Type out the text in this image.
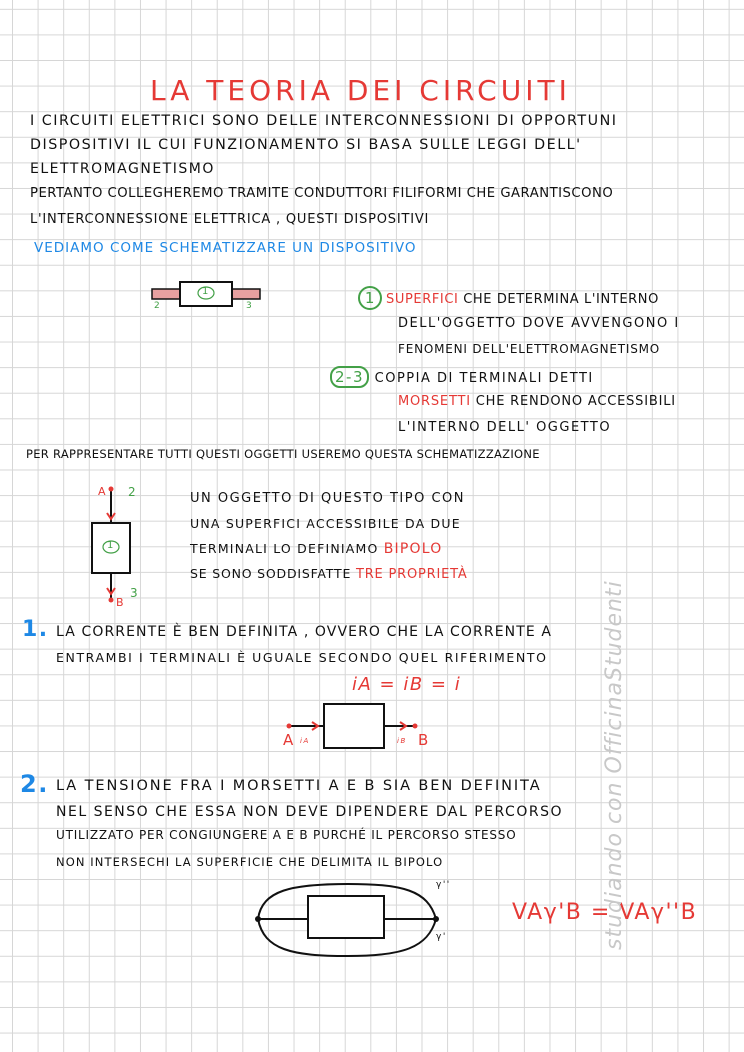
LA TEORIA DEI CIRCUITI
I CIRCUITI ELETTRICI SONO DELLE INTERCONNESSIONI DI OPPORTUNI
DISPOSITIVI IL CUI FUNZIONAMENTO SI BASA SULLE LEGGI DELL'
ELETTROMAGNETISMO
PERTANTO COLLEGHEREMO TRAMITE CONDUTTORI FILIFORMI CHE GARANTISCONO
L'INTERCONNESSIONE ELETTRICA , QUESTI DISPOSITIVI
VEDIAMO COME SCHEMATIZZARE UN DISPOSITIVO
1
2	3	1 SUPERFICI CHE DETERMINA L'INTERNO
DELL'OGGETTO DOVE AVVENGONO I
FENOMENI DELL'ELETTROMAGNETISMO
2-3 COPPIA DI TERMINALI DETTI
MORSETTI CHE RENDONO ACCESSIBILI
L'INTERNO DELL' OGGETTO
PER RAPPRESENTARE TUTTI QUESTI OGGETTI USEREMO QUESTA SCHEMATIZZAZIONE
A 2
1
B
3
UN OGGETTO DI QUESTO TIPO CON
UNA SUPERFICI ACCESSIBILE DA DUE
TERMINALI LO DEFINIAMO BIPOLO
SE SONO SODDISFATTE TRE PROPRIETÀ
1. LA CORRENTE È BEN DEFINITA , OVVERO CHE LA CORRENTE A
ENTRAMBI I TERMINALI È UGUALE SECONDO QUEL RIFERIMENTO
iA = iB = i
A iA	iB B
2. LA TENSIONE FRA I MORSETTI A E B SIA BEN DEFINITA
NEL SENSO CHE ESSA NON DEVE DIPENDERE DAL PERCORSO
UTILIZZATO PER CONGIUNGERE A E B PURCHÉ IL PERCORSO STESSO
NON INTERSECHI LA SUPERFICIE CHE DELIMITA IL BIPOLO
γ''
γ'
VAγ'B = VAγ''B
studiando con OfficinaStudenti
